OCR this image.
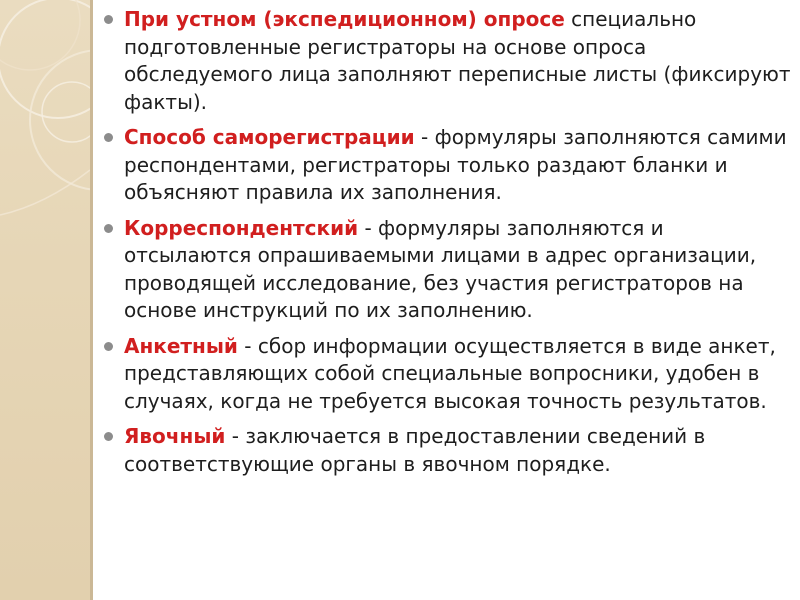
При устном (экспедиционном) опросе специально подготовленные регистраторы на основе опроса обследуемого лица заполняют переписные листы (фиксируют факты).
Способ саморегистрации - формуляры заполняются самими респондентами, регистраторы только раздают бланки и объясняют правила их заполнения.
Корреспондентский - формуляры заполняются и отсылаются опрашиваемыми лицами в адрес организации, проводящей исследование, без участия регистраторов на основе инструкций по их заполнению.
Анкетный - сбор информации осуществляется в виде анкет, представляющих собой специальные вопросники, удобен в случаях, когда не требуется высокая точность результатов.
Явочный - заключается в предоставлении сведений в соответствующие органы в явочном порядке.
